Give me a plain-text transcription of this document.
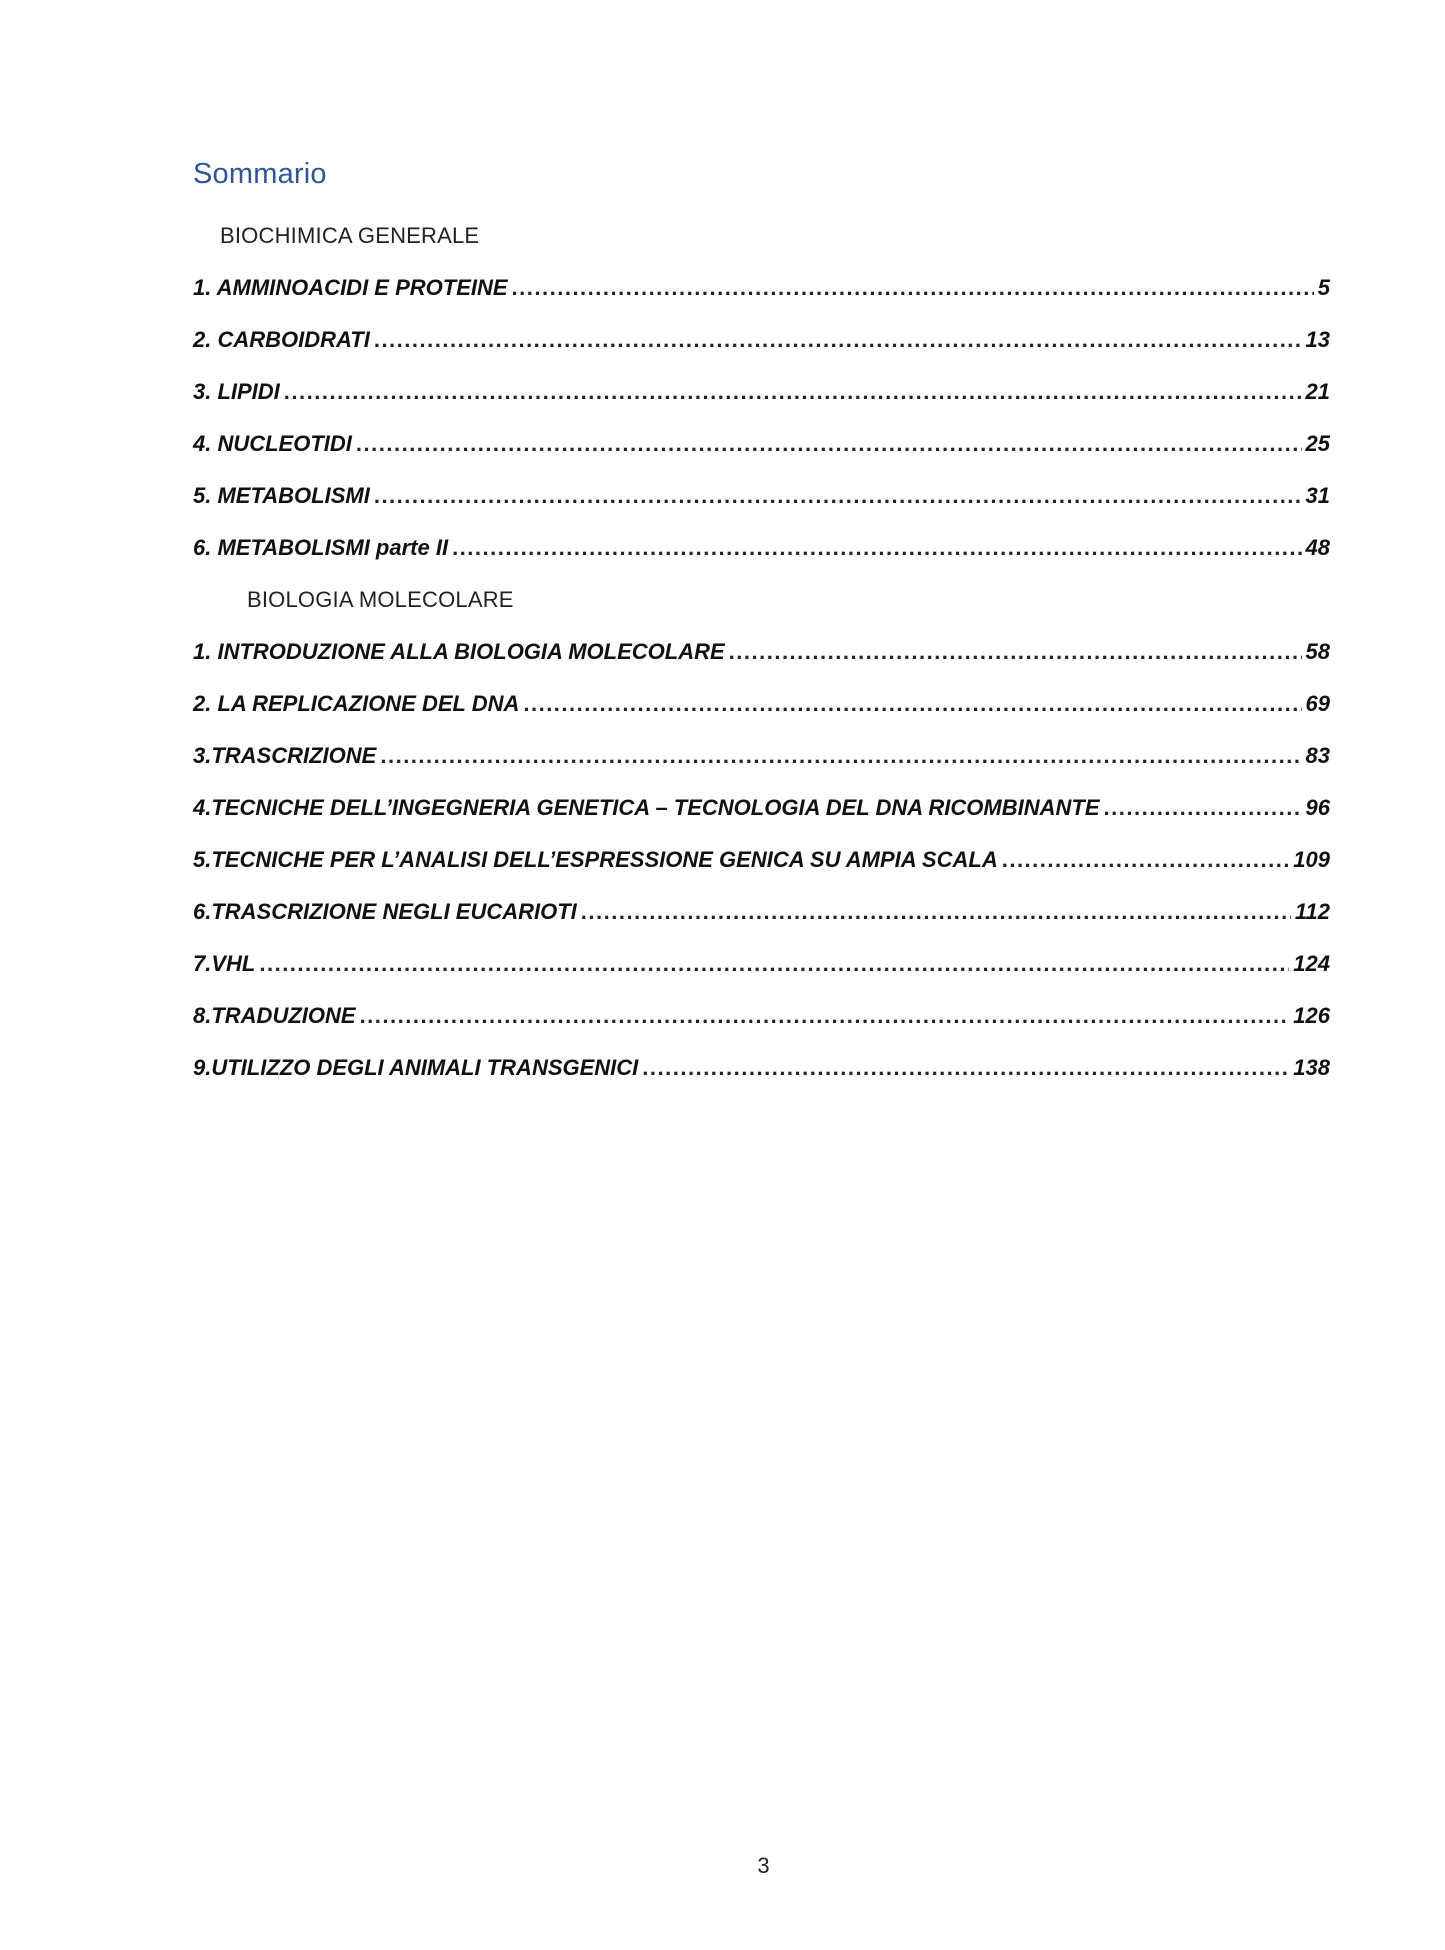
Sommario
BIOCHIMICA GENERALE
1. AMMINOACIDI E PROTEINE .....	5
2. CARBOIDRATI .....	13
3. LIPIDI .....	21
4. NUCLEOTIDI .....	25
5. METABOLISMI .....	31
6. METABOLISMI parte II .....	48
BIOLOGIA MOLECOLARE
1. INTRODUZIONE ALLA BIOLOGIA MOLECOLARE .....	58
2. LA REPLICAZIONE DEL DNA .....	69
3.TRASCRIZIONE .....	83
4.TECNICHE DELL’INGEGNERIA GENETICA – TECNOLOGIA DEL DNA RICOMBINANTE .....	96
5.TECNICHE PER L’ANALISI DELL’ESPRESSIONE GENICA SU AMPIA SCALA .....	109
6.TRASCRIZIONE NEGLI EUCARIOTI .....	112
7.VHL .....	124
8.TRADUZIONE .....	126
9.UTILIZZO DEGLI ANIMALI TRANSGENICI .....	138
3
